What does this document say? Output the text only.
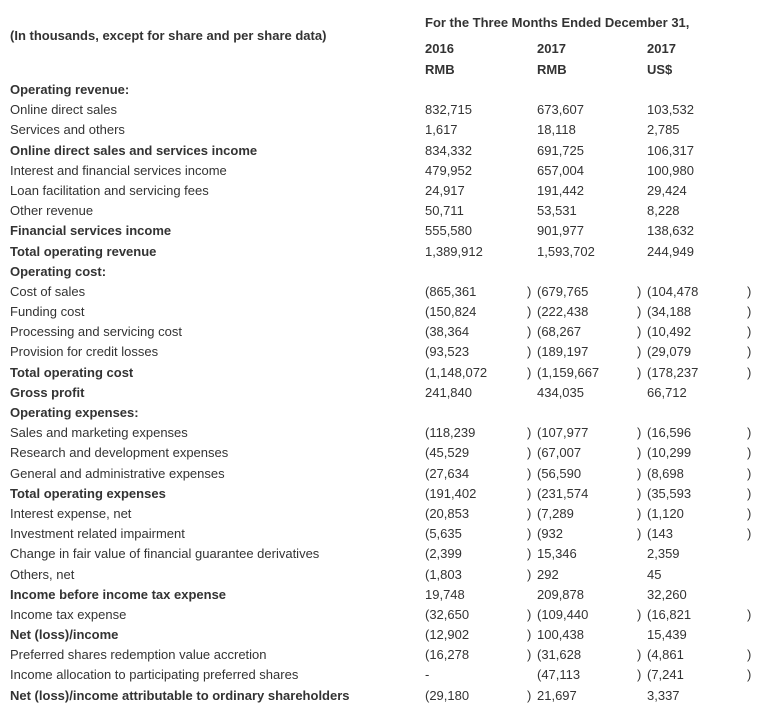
(In thousands, except for share and per share data)
For the Three Months Ended December 31,
2016	2017	2017
RMB	RMB	US$
Operating revenue:
Online direct sales	832,715	673,607	103,532
Services and others	1,617	18,118	2,785
Online direct sales and services income	834,332	691,725	106,317
Interest and financial services income	479,952	657,004	100,980
Loan facilitation and servicing fees	24,917	191,442	29,424
Other revenue	50,711	53,531	8,228
Financial services income	555,580	901,977	138,632
Total operating revenue	1,389,912	1,593,702	244,949
Operating cost:
Cost of sales	(865,361	) (679,765	) (104,478	)
Funding cost	(150,824	) (222,438	) (34,188	)
Processing and servicing cost	(38,364	) (68,267	) (10,492	)
Provision for credit losses	(93,523	) (189,197	) (29,079	)
Total operating cost	(1,148,072	) (1,159,667	) (178,237	)
Gross profit	241,840	434,035	66,712
Operating expenses:
Sales and marketing expenses	(118,239	) (107,977	) (16,596	)
Research and development expenses	(45,529	) (67,007	) (10,299	)
General and administrative expenses	(27,634	) (56,590	) (8,698	)
Total operating expenses	(191,402	) (231,574	) (35,593	)
Interest expense, net	(20,853	) (7,289	) (1,120	)
Investment related impairment	(5,635	) (932	) (143	)
Change in fair value of financial guarantee derivatives	(2,399	) 15,346	2,359
Others, net	(1,803	) 292	45
Income before income tax expense	19,748	209,878	32,260
Income tax expense	(32,650	) (109,440	) (16,821	)
Net (loss)/income	(12,902	) 100,438	15,439
Preferred shares redemption value accretion	(16,278	) (31,628	) (4,861	)
Income allocation to participating preferred shares	-	(47,113	) (7,241	)
Net (loss)/income attributable to ordinary shareholders	(29,180	) 21,697	3,337
